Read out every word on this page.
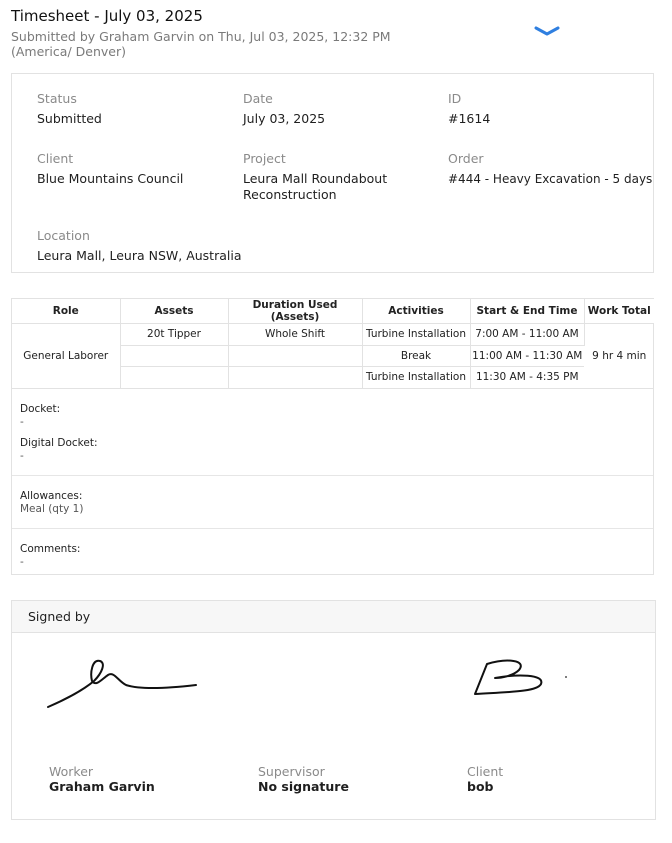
Timesheet - July 03, 2025
Submitted by Graham Garvin on Thu, Jul 03, 2025, 12:32 PM (America/ Denver)
Status
Submitted
Date
July 03, 2025
ID
#1614
Client
Blue Mountains Council
Project
Leura Mall Roundabout Reconstruction
Order
#444 - Heavy Excavation - 5 days
Location
Leura Mall, Leura NSW, Australia
Role	Assets	Duration Used (Assets)	Activities	Start & End Time	Work Total
General Laborer	20t Tipper	Whole Shift	Turbine Installation	7:00 AM - 11:00 AM	9 hr 4 min
			Break	11:00 AM - 11:30 AM	
			Turbine Installation	11:30 AM - 4:35 PM	
Docket:
-
Digital Docket:
-
Allowances:
Meal (qty 1)
Comments:
-
Signed by
Worker
Graham Garvin
Supervisor
No signature
Client
bob
